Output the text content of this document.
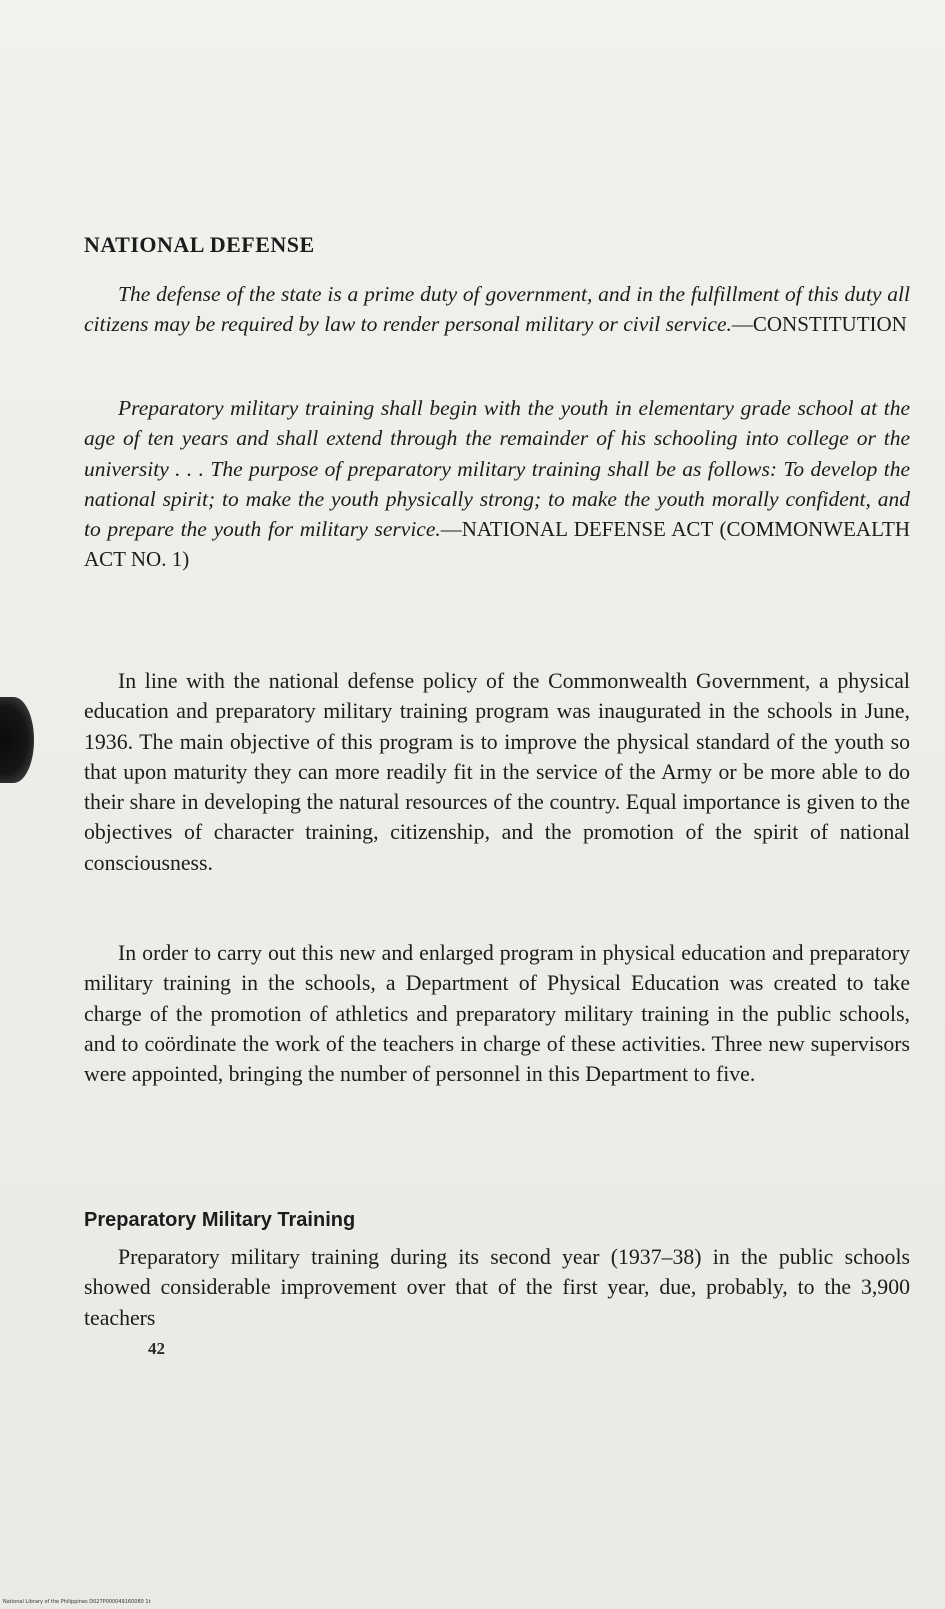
NATIONAL DEFENSE

The defense of the state is a prime duty of government, and in the fulfillment of this duty all citizens may be required by law to render personal military or civil service.—CONSTITUTION

Preparatory military training shall begin with the youth in elementary grade school at the age of ten years and shall extend through the remainder of his schooling into college or the university . . . The purpose of preparatory military training shall be as follows: To develop the national spirit; to make the youth physically strong; to make the youth morally confident, and to prepare the youth for military service.—NATIONAL DEFENSE ACT (COMMONWEALTH ACT NO. 1)

In line with the national defense policy of the Commonwealth Government, a physical education and preparatory military training program was inaugurated in the schools in June, 1936. The main objective of this program is to improve the physical standard of the youth so that upon maturity they can more readily fit in the service of the Army or be more able to do their share in developing the natural resources of the country. Equal importance is given to the objectives of character training, citizenship, and the promotion of the spirit of national consciousness.

In order to carry out this new and enlarged program in physical education and preparatory military training in the schools, a Department of Physical Education was created to take charge of the promotion of athletics and preparatory military training in the public schools, and to coördinate the work of the teachers in charge of these activities. Three new supervisors were appointed, bringing the number of personnel in this Department to five.

Preparatory Military Training

Preparatory military training during its second year (1937–38) in the public schools showed considerable improvement over that of the first year, due, probably, to the 3,900 teachers

42

National Library of the Philippines D027P000049160080 1t
